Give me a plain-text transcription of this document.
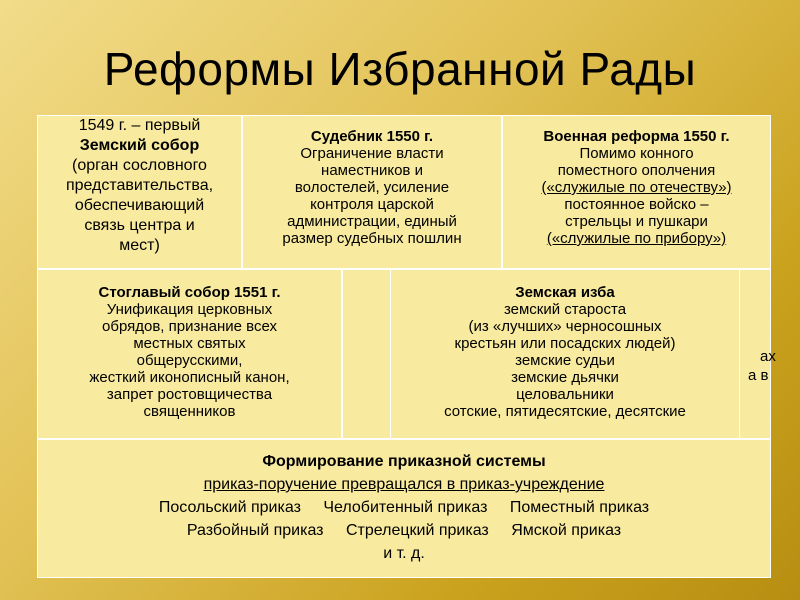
Реформы Избранной Рады
1549 г. – первый
Земский собор
(орган сословного
представительства,
обеспечивающий
связь центра и
мест)
Судебник 1550 г.
Ограничение власти
наместников и
волостелей, усиление
контроля царской
администрации, единый
размер судебных пошлин
Военная реформа 1550 г.
Помимо конного
поместного ополчения
(«служилые по отечеству»)
постоянное войско –
стрельцы и пушкари
(«служилые по прибору»)
Стоглавый собор 1551 г.
Унификация церковных
обрядов, признание всех
местных святых
общерусскими,
жесткий иконописный канон,
запрет ростовщичества
священников
ах
а в
Формирование приказной системы
приказ-поручение превращался в приказ-учреждение
Посольский приказ Челобитенный приказ Поместный приказ
Разбойный приказ Стрелецкий приказ Ямской приказ
и т. д.
Земская изба
земский староста
(из «лучших» черносошных
крестьян или посадских людей)
земские судьи
земские дьячки
целовальники
сотские, пятидесятские, десятские
